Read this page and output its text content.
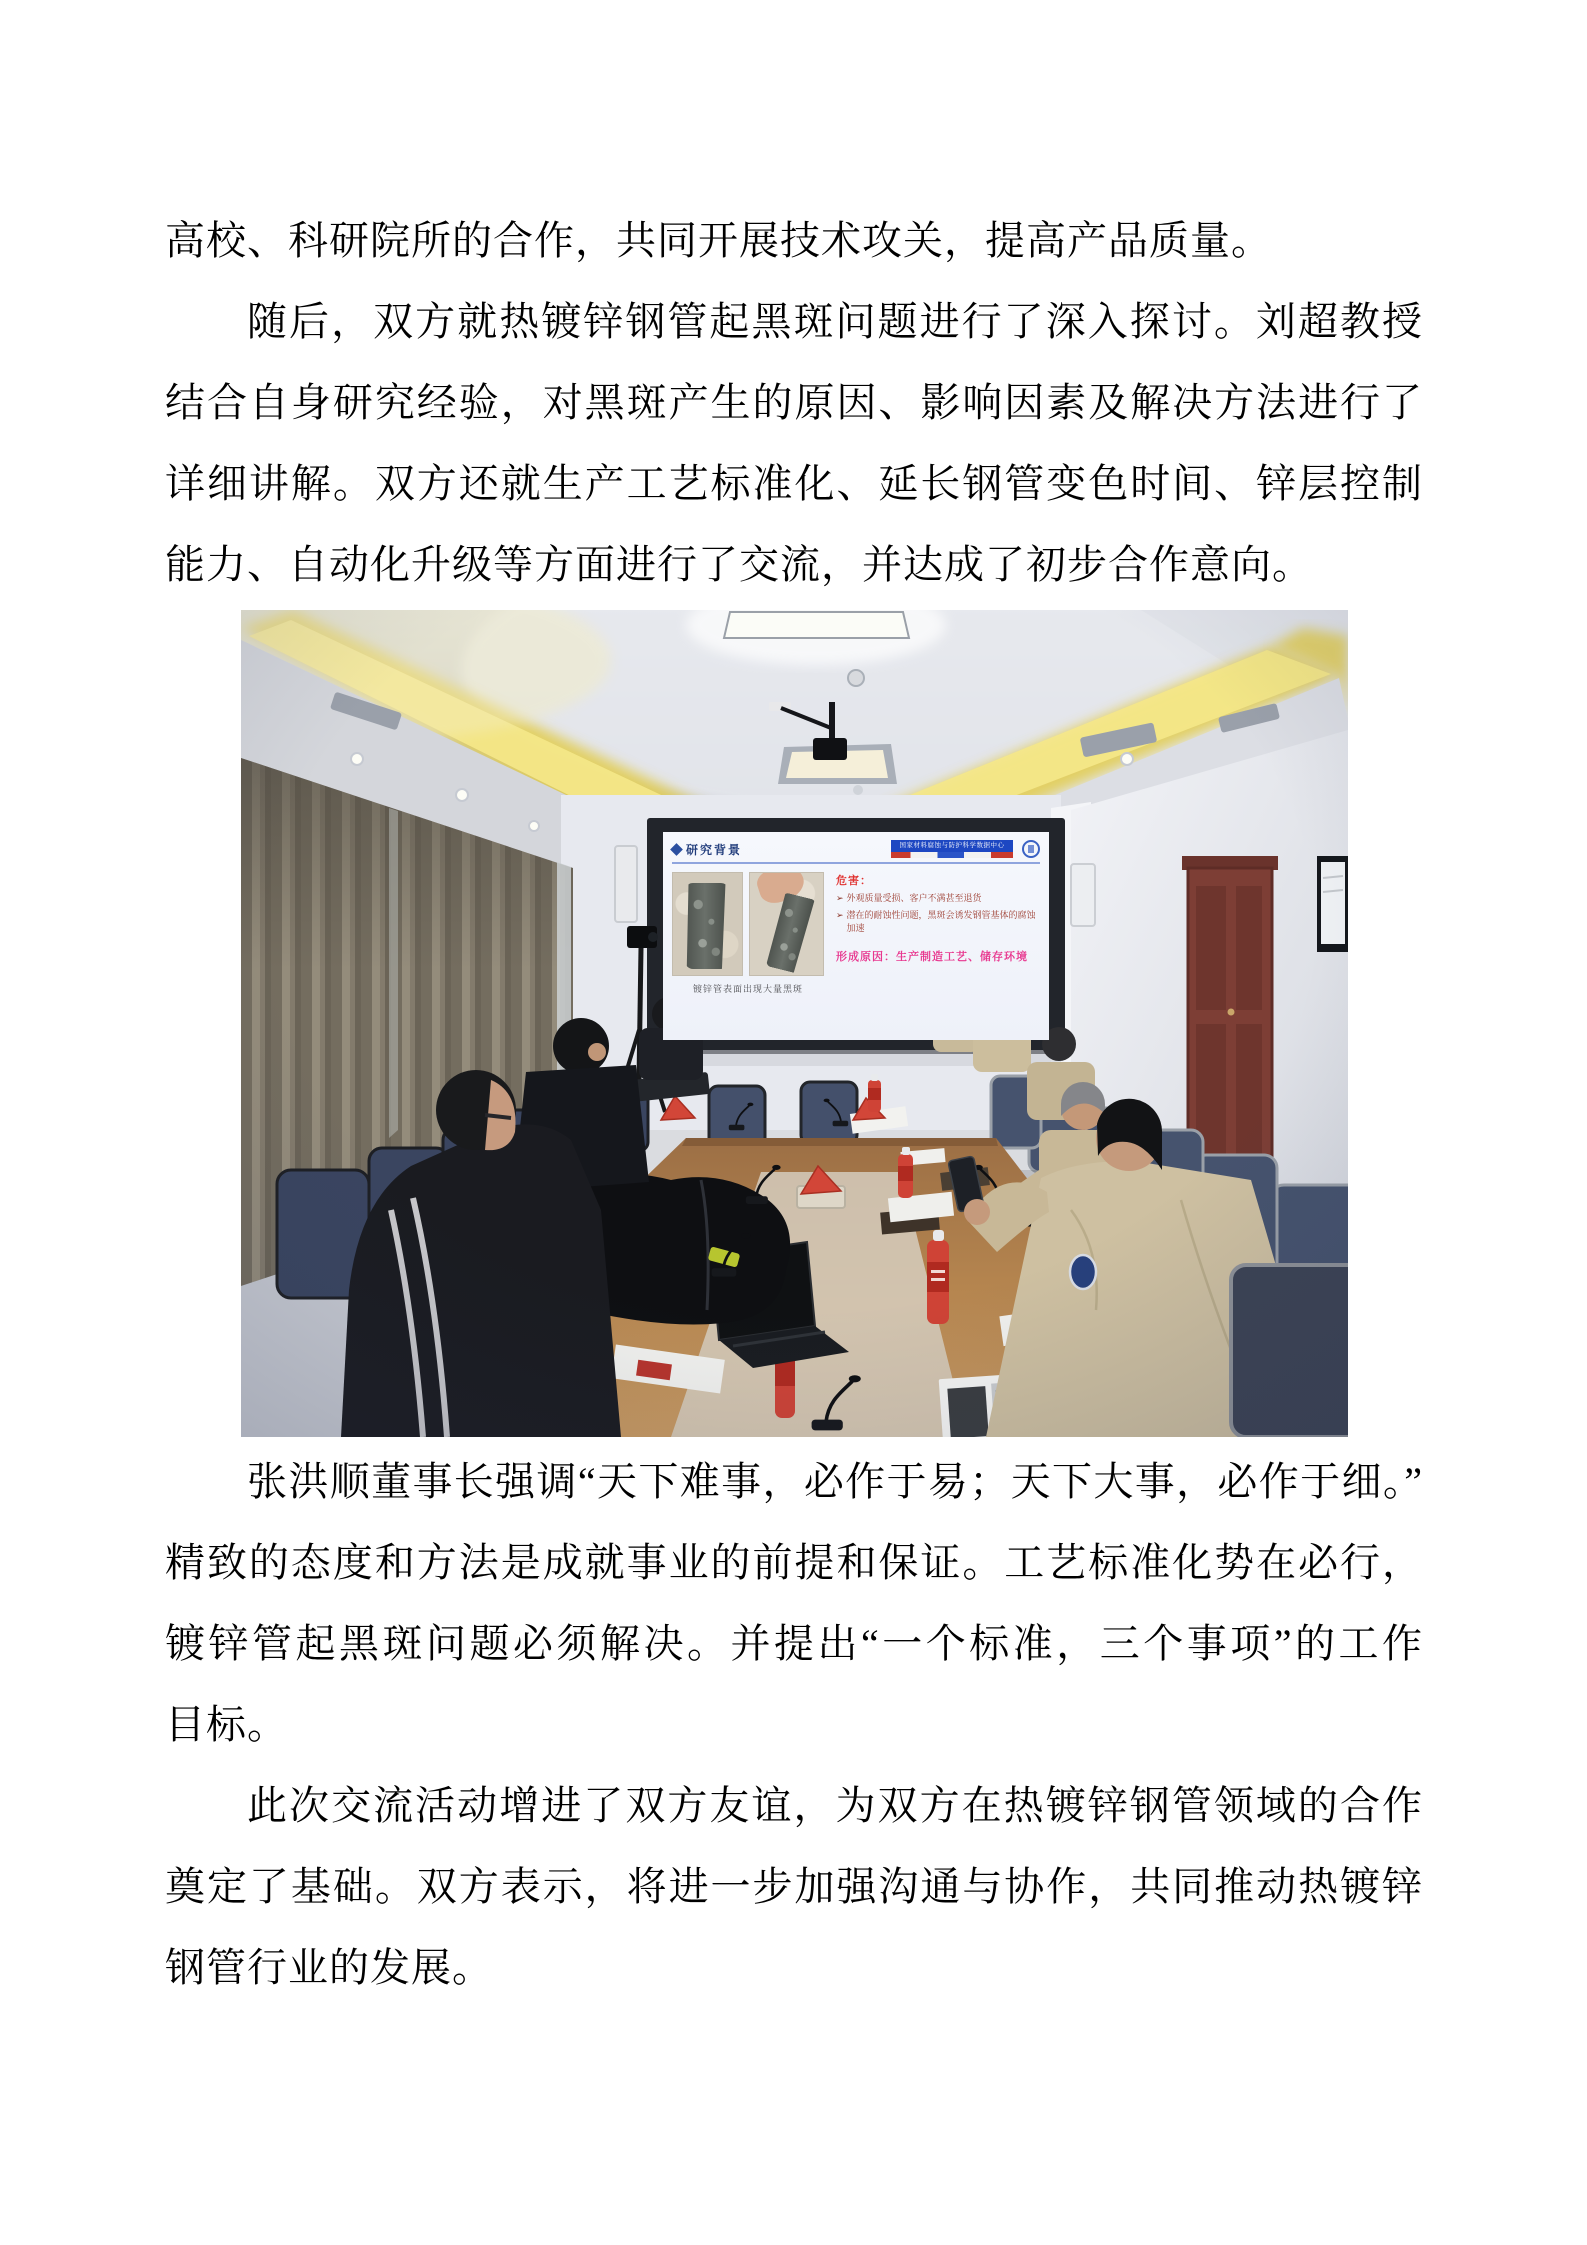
高校、科研院所的合作，共同开展技术攻关，提高产品质量。
随后，双方就热镀锌钢管起黑斑问题进行了深入探讨。刘超教授
结合自身研究经验，对黑斑产生的原因、影响因素及解决方法进行了
详细讲解。双方还就生产工艺标准化、延长钢管变色时间、锌层控制
能力、自动化升级等方面进行了交流，并达成了初步合作意向。
研究背景	国家材料腐蚀与防护科学数据中心
镀锌管表面出现大量黑斑
危害：
➢ 外观质量受损、客户不满甚至退货
➢ 潜在的耐蚀性问题，黑斑会诱发钢管基体的腐蚀加速
形成原因：生产制造工艺、储存环境
张洪顺董事长强调“天下难事，必作于易；天下大事，必作于细。”
精致的态度和方法是成就事业的前提和保证。工艺标准化势在必行，
镀锌管起黑斑问题必须解决。并提出“一个标准，三个事项”的工作
目标。
此次交流活动增进了双方友谊，为双方在热镀锌钢管领域的合作
奠定了基础。双方表示，将进一步加强沟通与协作，共同推动热镀锌
钢管行业的发展。
